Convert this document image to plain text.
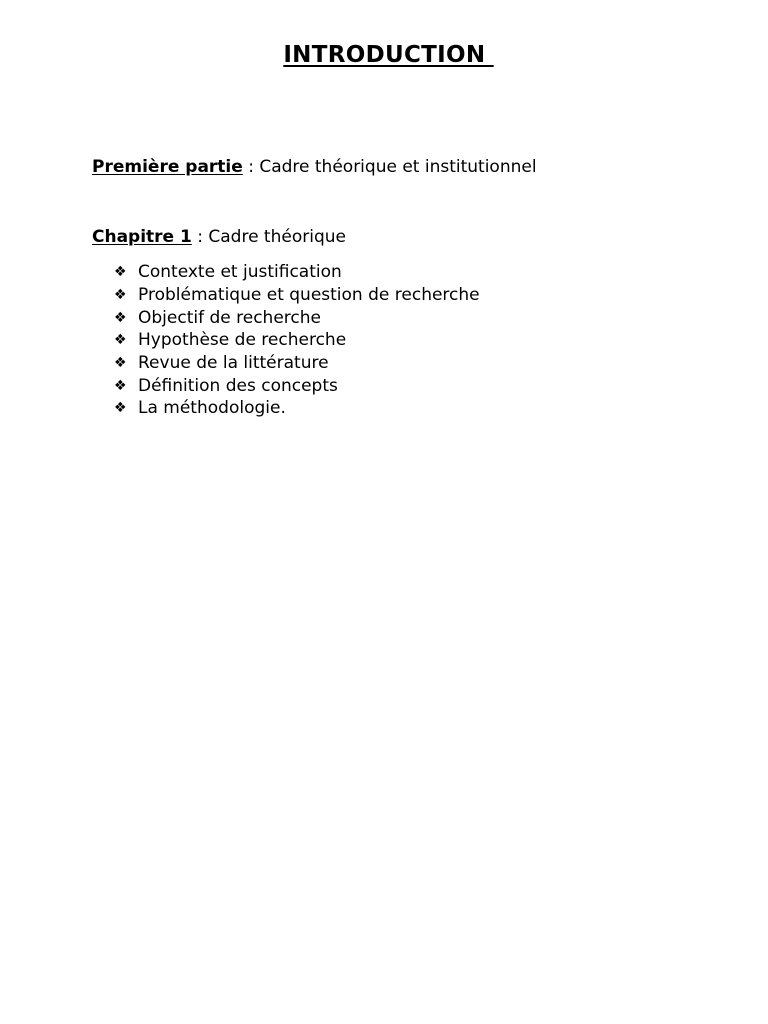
INTRODUCTION
Première partie : Cadre théorique et institutionnel
Chapitre 1 : Cadre théorique
❖ Contexte et justification
❖ Problématique et question de recherche
❖ Objectif de recherche
❖ Hypothèse de recherche
❖ Revue de la littérature
❖ Définition des concepts
❖ La méthodologie.
